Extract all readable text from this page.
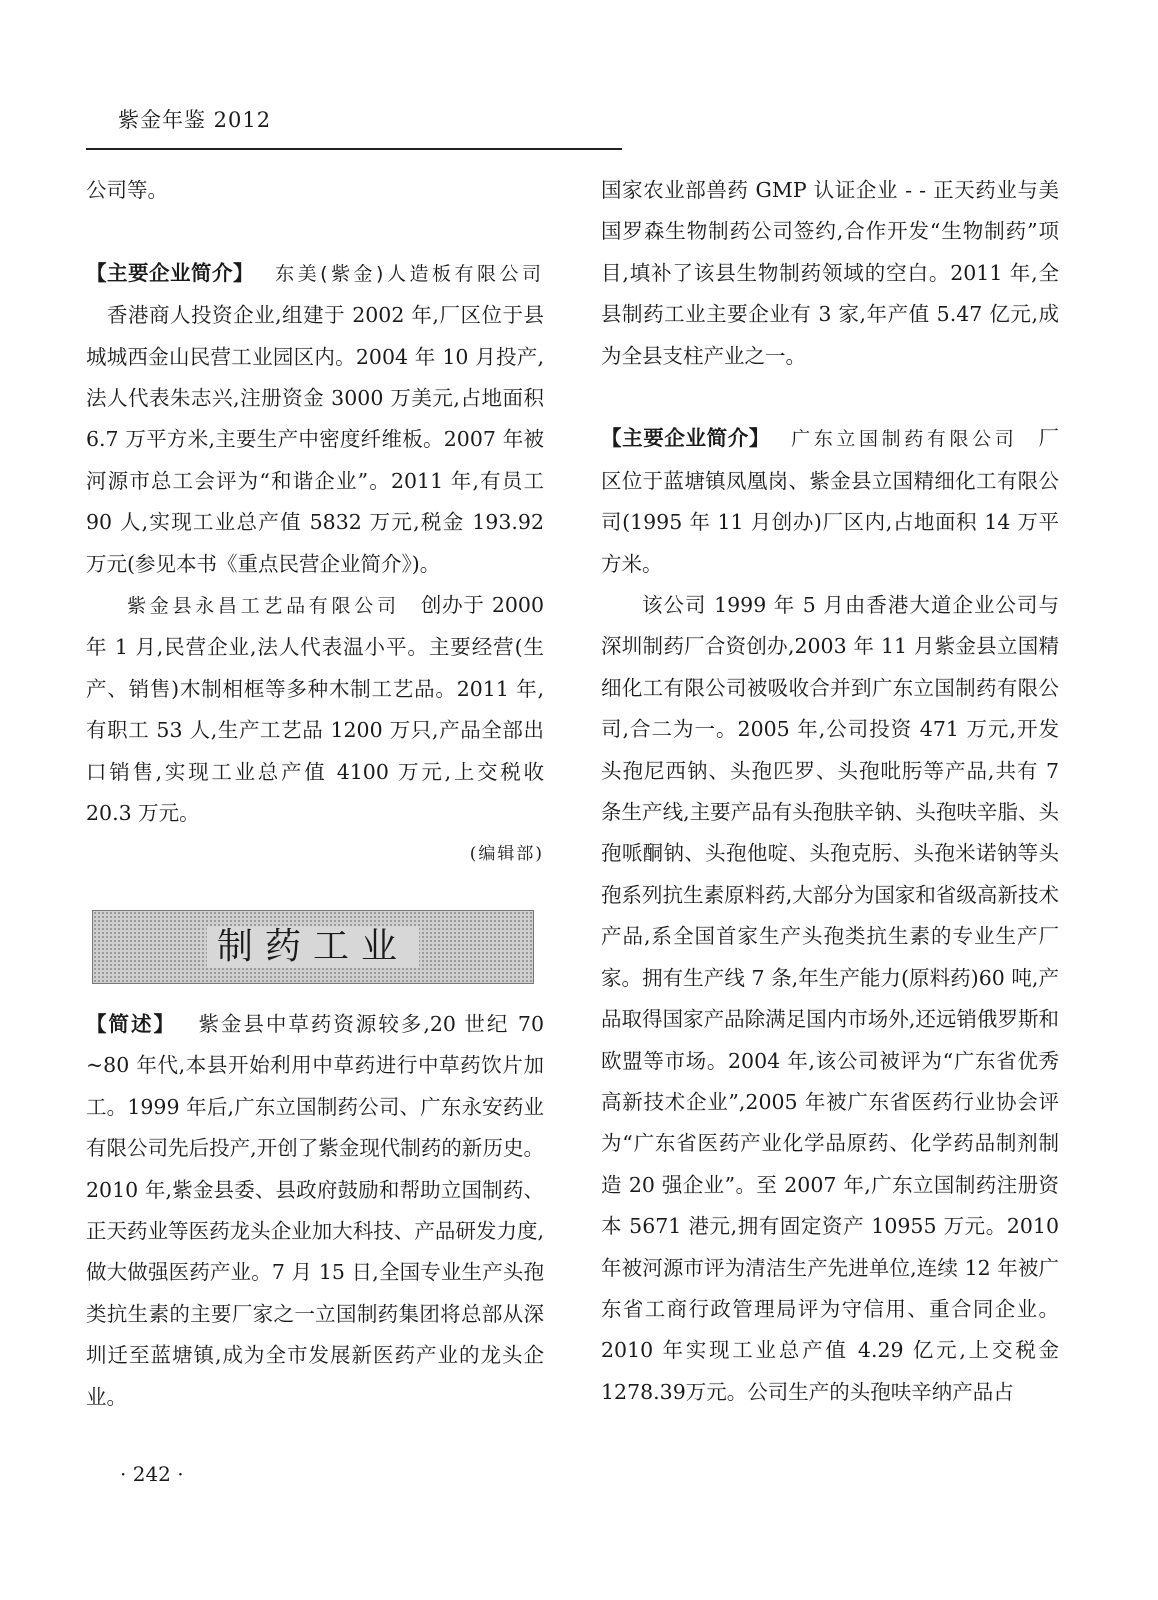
紫金年鉴 2012

公司等。

【主要企业简介】 东美(紫金)人造板有限公司香港商人投资企业,组建于 2002 年,厂区位于县城城西金山民营工业园区内。2004 年 10 月投产,法人代表朱志兴,注册资金 3000 万美元,占地面积 6.7 万平方米,主要生产中密度纤维板。2007 年被河源市总工会评为“和谐企业”。2011 年,有员工 90 人,实现工业总产值 5832 万元,税金 193.92 万元(参见本书《重点民营企业简介》)。

紫金县永昌工艺品有限公司 创办于 2000 年 1 月,民营企业,法人代表温小平。主要经营(生产、销售)木制相框等多种木制工艺品。2011 年,有职工 53 人,生产工艺品 1200 万只,产品全部出口销售,实现工业总产值 4100 万元,上交税收 20.3 万元。

(编辑部)

制药工业

【简述】 紫金县中草药资源较多,20 世纪 70 ~80 年代,本县开始利用中草药进行中草药饮片加工。1999 年后,广东立国制药公司、广东永安药业有限公司先后投产,开创了紫金现代制药的新历史。2010 年,紫金县委、县政府鼓励和帮助立国制药、正天药业等医药龙头企业加大科技、产品研发力度,做大做强医药产业。7 月 15 日,全国专业生产头孢类抗生素的主要厂家之一立国制药集团将总部从深圳迁至蓝塘镇,成为全市发展新医药产业的龙头企业。

国家农业部兽药 GMP 认证企业 - - 正天药业与美国罗森生物制药公司签约,合作开发“生物制药”项目,填补了该县生物制药领域的空白。2011 年,全县制药工业主要企业有 3 家,年产值 5.47 亿元,成为全县支柱产业之一。

【主要企业简介】 广东立国制药有限公司 厂区位于蓝塘镇凤凰岗、紫金县立国精细化工有限公司(1995 年 11 月创办)厂区内,占地面积 14 万平方米。

该公司 1999 年 5 月由香港大道企业公司与深圳制药厂合资创办,2003 年 11 月紫金县立国精细化工有限公司被吸收合并到广东立国制药有限公司,合二为一。2005 年,公司投资 471 万元,开发头孢尼西钠、头孢匹罗、头孢吡肟等产品,共有 7 条生产线,主要产品有头孢肤辛钠、头孢呋辛脂、头孢哌酮钠、头孢他啶、头孢克肟、头孢米诺钠等头孢系列抗生素原料药,大部分为国家和省级高新技术产品,系全国首家生产头孢类抗生素的专业生产厂家。拥有生产线 7 条,年生产能力(原料药)60 吨,产品取得国家产品除满足国内市场外,还远销俄罗斯和欧盟等市场。2004 年,该公司被评为“广东省优秀高新技术企业”,2005 年被广东省医药行业协会评为“广东省医药产业化学品原药、化学药品制剂制造 20 强企业”。至 2007 年,广东立国制药注册资本 5671 港元,拥有固定资产 10955 万元。2010 年被河源市评为清洁生产先进单位,连续 12 年被广东省工商行政管理局评为守信用、重合同企业。2010 年实现工业总产值 4.29 亿元,上交税金 1278.39万元。公司生产的头孢呋辛纳产品占

· 242 ·
